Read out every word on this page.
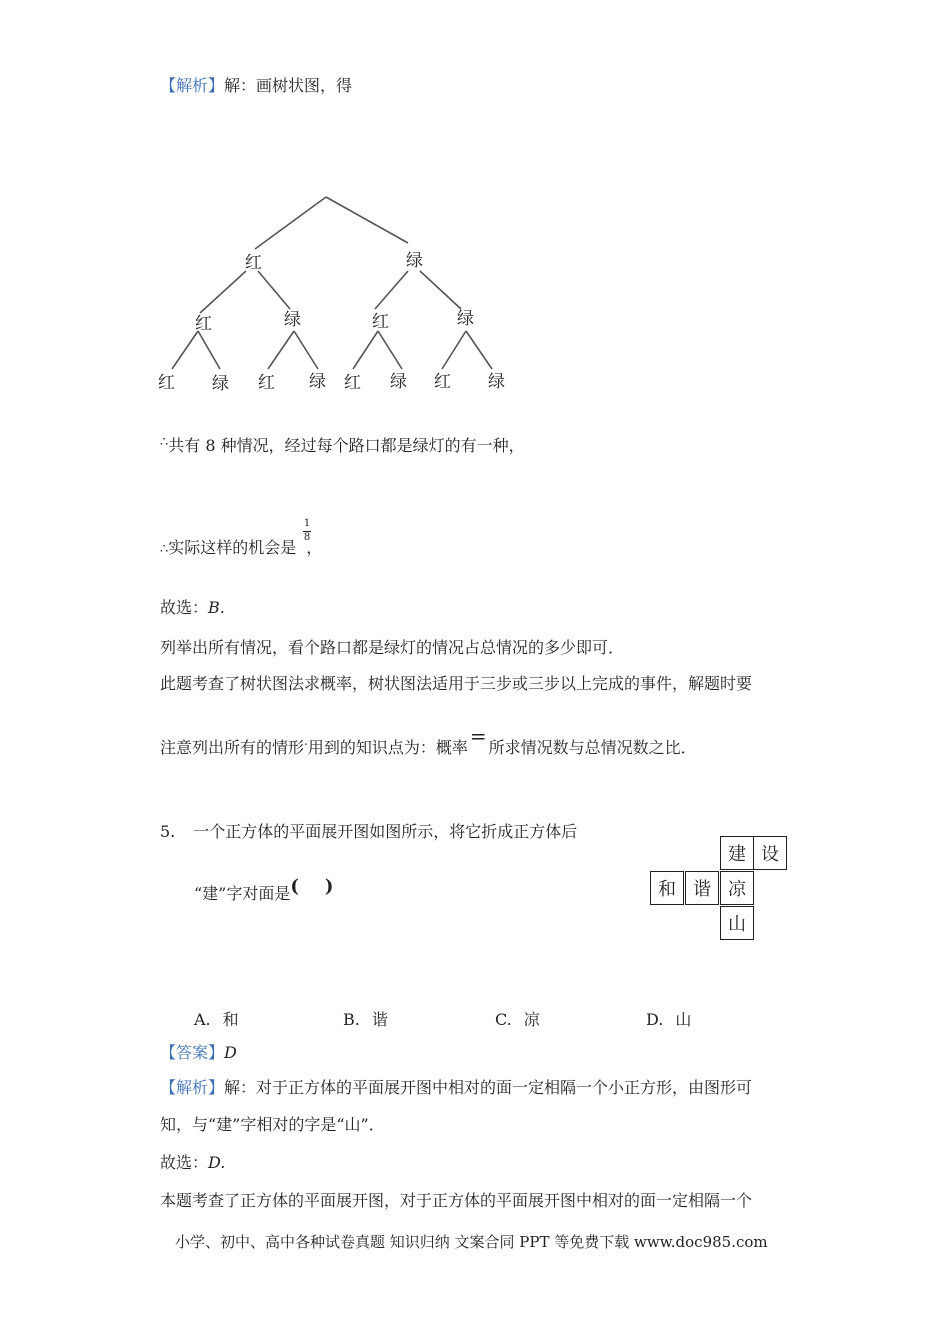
【解析】解：画树状图，得
红	绿
红	绿	红	绿
红 绿 红 绿 红 绿 红 绿
∴共有 8 种情况，经过每个路口都是绿灯的有一种，
∴实际这样的机会是 ，
1
8
故选：B.
列举出所有情况，看个路口都是绿灯的情况占总情况的多少即可．
此题考查了树状图法求概率，树状图法适用于三步或三步以上完成的事件，解题时要
注意列出所有的情形.用到的知识点为：概率 = 所求情况数与总情况数之比．
5. 一个正方体的平面展开图如图所示，将它折成正方体后
“建”字对面是( )
建 设
和 谐 凉
山
A. 和	B. 谐	C. 凉	D. 山
【答案】D
【解析】解：对于正方体的平面展开图中相对的面一定相隔一个小正方形，由图形可
知，与“建”字相对的字是“山”．
故选：D.
本题考查了正方体的平面展开图，对于正方体的平面展开图中相对的面一定相隔一个
小学、初中、高中各种试卷真题 知识归纳 文案合同 PPT 等免费下载 www.doc985.com
